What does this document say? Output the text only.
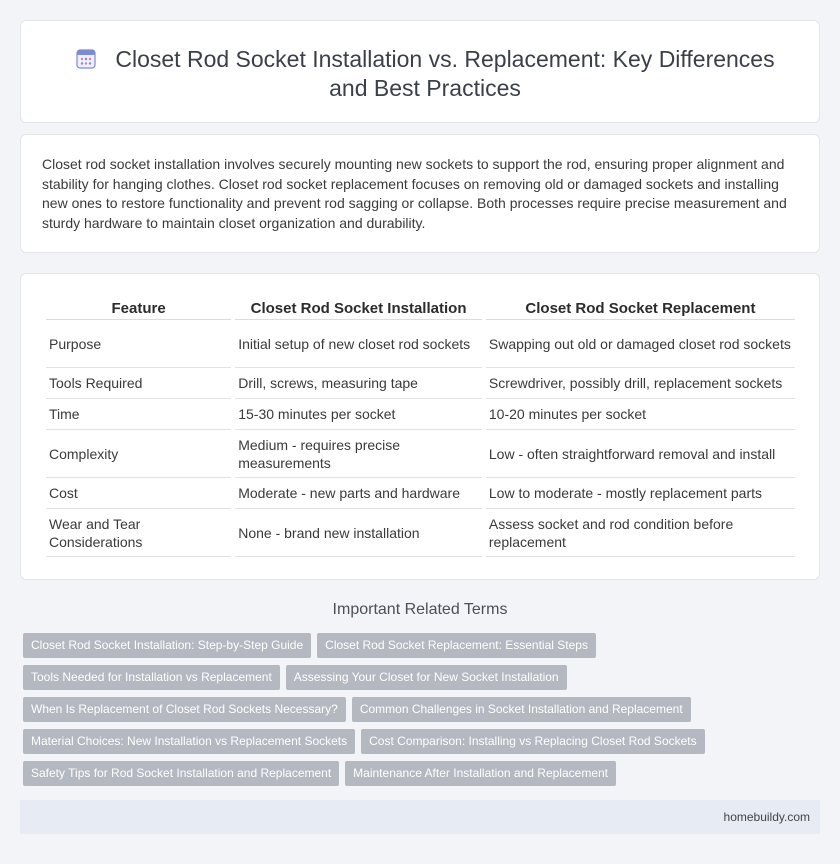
Closet Rod Socket Installation vs. Replacement: Key Differences and Best Practices

Closet rod socket installation involves securely mounting new sockets to support the rod, ensuring proper alignment and stability for hanging clothes. Closet rod socket replacement focuses on removing old or damaged sockets and installing new ones to restore functionality and prevent rod sagging or collapse. Both processes require precise measurement and sturdy hardware to maintain closet organization and durability.

Feature	Closet Rod Socket Installation	Closet Rod Socket Replacement
Purpose	Initial setup of new closet rod sockets	Swapping out old or damaged closet rod sockets
Tools Required	Drill, screws, measuring tape	Screwdriver, possibly drill, replacement sockets
Time	15-30 minutes per socket	10-20 minutes per socket
Complexity	Medium - requires precise measurements	Low - often straightforward removal and install
Cost	Moderate - new parts and hardware	Low to moderate - mostly replacement parts
Wear and Tear Considerations	None - brand new installation	Assess socket and rod condition before replacement
Important Related Terms
Closet Rod Socket Installation: Step-by-Step Guide Closet Rod Socket Replacement: Essential Steps
Tools Needed for Installation vs Replacement Assessing Your Closet for New Socket Installation
When Is Replacement of Closet Rod Sockets Necessary? Common Challenges in Socket Installation and Replacement
Material Choices: New Installation vs Replacement Sockets Cost Comparison: Installing vs Replacing Closet Rod Sockets
Safety Tips for Rod Socket Installation and Replacement Maintenance After Installation and Replacement
homebuildy.com
